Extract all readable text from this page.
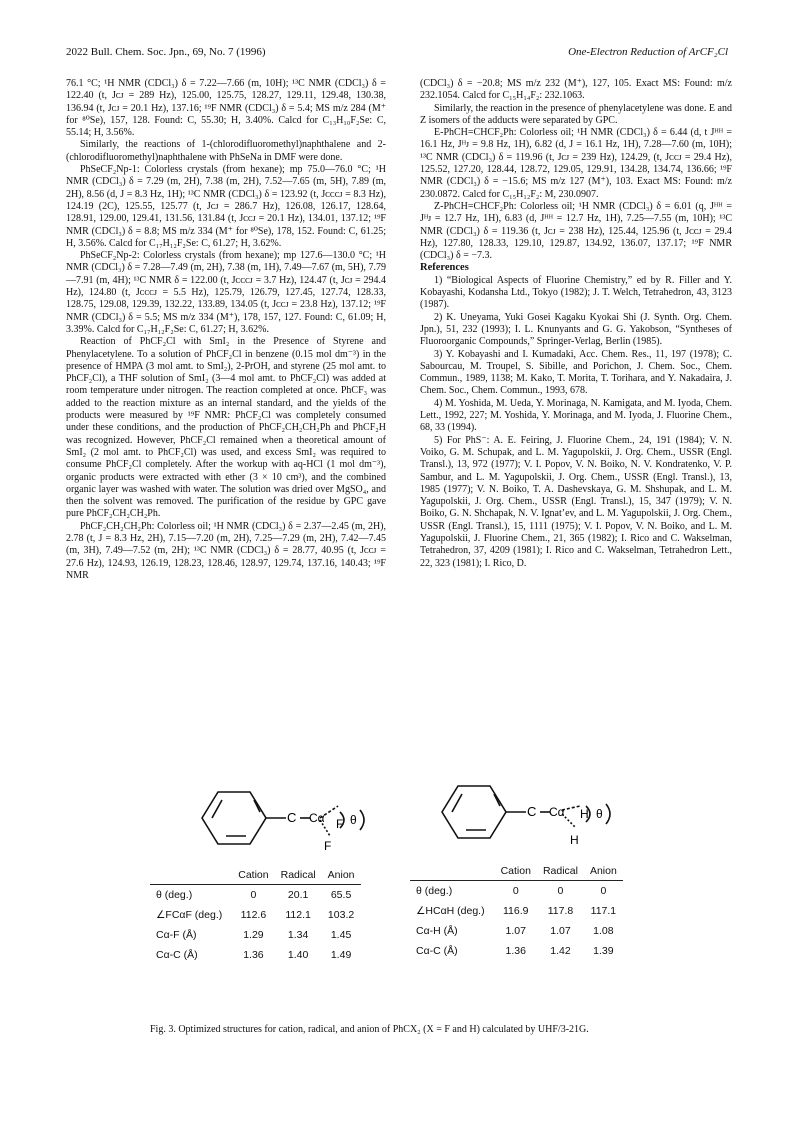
2022 Bull. Chem. Soc. Jpn., 69, No. 7 (1996)	One-Electron Reduction of ArCF₂Cl

76.1 °C; ¹H NMR (CDCl₃) δ = 7.22—7.66 (m, 10H); ¹³C NMR (CDCl₃) δ = 122.40 (t, Jᴄᴊ = 289 Hz), 125.00, 125.75, 128.27, 129.11, 129.48, 130.38, 136.94 (t, Jᴄᴊ = 20.1 Hz), 137.16; ¹⁹F NMR (CDCl₃) δ = 5.4; MS m/z 284 (M⁺ for ⁸⁰Se), 157, 128. Found: C, 55.30; H, 3.40%. Calcd for C₁₃H₁₀F₂Se: C, 55.14; H, 3.56%.

Similarly, the reactions of 1-(chlorodifluoromethyl)naphthalene and 2-(chlorodifluoromethyl)naphthalene with PhSeNa in DMF were done.

PhSeCF₂Np-1: Colorless crystals (from hexane); mp 75.0—76.0 °C; ¹H NMR (CDCl₃) δ = 7.29 (m, 2H), 7.38 (m, 2H), 7.52—7.65 (m, 5H), 7.89 (m, 2H), 8.56 (d, J = 8.3 Hz, 1H); ¹³C NMR (CDCl₃) δ = 123.92 (t, Jᴄᴄᴄᴊ = 8.3 Hz), 124.19 (2C), 125.55, 125.77 (t, Jᴄᴊ = 286.7 Hz), 126.08, 126.17, 128.64, 128.91, 129.00, 129.41, 131.56, 131.84 (t, Jᴄᴄᴊ = 20.1 Hz), 134.01, 137.12; ¹⁹F NMR (CDCl₃) δ = 8.8; MS m/z 334 (M⁺ for ⁸⁰Se), 178, 152. Found: C, 61.25; H, 3.56%. Calcd for C₁₇H₁₂F₂Se: C, 61.27; H, 3.62%.

PhSeCF₂Np-2: Colorless crystals (from hexane); mp 127.6—130.0 °C; ¹H NMR (CDCl₃) δ = 7.28—7.49 (m, 2H), 7.38 (m, 1H), 7.49—7.67 (m, 5H), 7.79—7.91 (m, 4H); ¹³C NMR δ = 122.00 (t, Jᴄᴄᴄᴊ = 3.7 Hz), 124.47 (t, Jᴄᴊ = 294.4 Hz), 124.80 (t, Jᴄᴄᴄᴊ = 5.5 Hz), 125.79, 126.79, 127.45, 127.74, 128.33, 128.75, 129.08, 129.39, 132.22, 133.89, 134.05 (t, Jᴄᴄᴊ = 23.8 Hz), 137.12; ¹⁹F NMR (CDCl₃) δ = 5.5; MS m/z 334 (M⁺), 178, 157, 127. Found: C, 61.09; H, 3.39%. Calcd for C₁₇H₁₂F₂Se: C, 61.27; H, 3.62%.

Reaction of PhCF₂Cl with SmI₂ in the Presence of Styrene and Phenylacetylene. To a solution of PhCF₂Cl in benzene (0.15 mol dm⁻³) in the presence of HMPA (3 mol amt. to SmI₂), 2-PrOH, and styrene (25 mol amt. to PhCF₂Cl), a THF solution of SmI₂ (3—4 mol amt. to PhCF₂Cl) was added at room temperature under nitrogen. The reaction completed at once. PhCF₃ was added to the reaction mixture as an internal standard, and the yields of the products were measured by ¹⁹F NMR: PhCF₂Cl was completely consumed under these conditions, and the production of PhCF₂CH₂CH₂Ph and PhCF₂H was recognized. However, PhCF₂Cl remained when a theoretical amount of SmI₂ (2 mol amt. to PhCF₂Cl) was used, and excess SmI₂ was required to consume PhCF₂Cl completely. After the workup with aq-HCl (1 mol dm⁻³), organic products were extracted with ether (3 × 10 cm³), and the combined organic layer was washed with water. The solution was dried over MgSO₄, and then the solvent was removed. The purification of the residue by GPC gave pure PhCF₂CH₂CH₂Ph.

PhCF₂CH₂CH₂Ph: Colorless oil; ¹H NMR (CDCl₃) δ = 2.37—2.45 (m, 2H), 2.78 (t, J = 8.3 Hz, 2H), 7.15—7.20 (m, 2H), 7.25—7.29 (m, 2H), 7.42—7.45 (m, 3H), 7.49—7.52 (m, 2H); ¹³C NMR (CDCl₃) δ = 28.77, 40.95 (t, Jᴄᴄᴊ = 27.6 Hz), 124.93, 126.19, 128.23, 128.46, 128.97, 129.74, 137.16, 140.43; ¹⁹F NMR

(CDCl₃) δ = −20.8; MS m/z 232 (M⁺), 127, 105. Exact MS: Found: m/z 232.1054. Calcd for C₁₅H₁₄F₂: 232.1063.

Similarly, the reaction in the presence of phenylacetylene was done. E and Z isomers of the adducts were separated by GPC.

E-PhCH=CHCF₂Ph: Colorless oil; ¹H NMR (CDCl₃) δ = 6.44 (d, t Jᴴᴴ = 16.1 Hz, Jᴴᴊ = 9.8 Hz, 1H), 6.82 (d, J = 16.1 Hz, 1H), 7.28—7.60 (m, 10H); ¹³C NMR (CDCl₃) δ = 119.96 (t, Jᴄᴊ = 239 Hz), 124.29, (t, Jᴄᴄᴊ = 29.4 Hz), 125.52, 127.20, 128.44, 128.72, 129.05, 129.91, 134.28, 134.74, 136.66; ¹⁹F NMR (CDCl₃) δ = −15.6; MS m/z 127 (M⁺), 103. Exact MS: Found: m/z 230.0872. Calcd for C₁₅H₁₂F₂: M, 230.0907.

Z-PhCH=CHCF₂Ph: Colorless oil; ¹H NMR (CDCl₃) δ = 6.01 (q, Jᴴᴴ = Jᴴᴊ = 12.7 Hz, 1H), 6.83 (d, Jᴴᴴ = 12.7 Hz, 1H), 7.25—7.55 (m, 10H); ¹³C NMR (CDCl₃) δ = 119.36 (t, Jᴄᴊ = 238 Hz), 125.44, 125.96 (t, Jᴄᴄᴊ = 29.4 Hz), 127.80, 128.33, 129.10, 129.87, 134.92, 136.07, 137.17; ¹⁹F NMR (CDCl₃) δ = −7.3.

References

1) “Biological Aspects of Fluorine Chemistry,” ed by R. Filler and Y. Kobayashi, Kodansha Ltd., Tokyo (1982); J. T. Welch, Tetrahedron, 43, 3123 (1987).

2) K. Uneyama, Yuki Gosei Kagaku Kyokai Shi (J. Synth. Org. Chem. Jpn.), 51, 232 (1993); I. L. Knunyants and G. G. Yakobson, “Syntheses of Fluoroorganic Compounds,” Springer-Verlag, Berlin (1985).

3) Y. Kobayashi and I. Kumadaki, Acc. Chem. Res., 11, 197 (1978); C. Sabourcau, M. Troupel, S. Sibille, and Porichon, J. Chem. Soc., Chem. Commun., 1989, 1138; M. Kako, T. Morita, T. Torihara, and Y. Nakadaira, J. Chem. Soc., Chem. Commun., 1993, 678.

4) M. Yoshida, M. Ueda, Y. Morinaga, N. Kamigata, and M. Iyoda, Chem. Lett., 1992, 227; M. Yoshida, Y. Morinaga, and M. Iyoda, J. Fluorine Chem., 68, 33 (1994).

5) For PhS⁻: A. E. Feiring, J. Fluorine Chem., 24, 191 (1984); V. N. Voiko, G. M. Schupak, and L. M. Yagupolskii, J. Org. Chem., USSR (Engl. Transl.), 13, 972 (1977); V. I. Popov, V. N. Boiko, N. V. Kondratenko, V. P. Sambur, and L. M. Yagupolskii, J. Org. Chem., USSR (Engl. Transl.), 13, 1985 (1977); V. N. Boiko, T. A. Dashevskaya, G. M. Shshupak, and L. M. Yagupolskii, J. Org. Chem., USSR (Engl. Transl.), 15, 347 (1979); V. N. Boiko, G. N. Shchapak, N. V. Ignat’ev, and L. M. Yagupolskii, J. Org. Chem., USSR (Engl. Transl.), 15, 1111 (1975); V. I. Popov, V. N. Boiko, and L. M. Yagupolskii, J. Fluorine Chem., 21, 365 (1982); I. Rico and C. Wakselman, Tetrahedron, 37, 4209 (1981); I. Rico and C. Wakselman, Tetrahedron Lett., 22, 323 (1981); I. Rico, D.

C Cα F
F
θ
C Cα H
H
θ
	Cation	Radical	Anion
θ (deg.)	0	20.1	65.5
∠FCαF (deg.)	112.6	112.1	103.2
Cα-F (Å)	1.29	1.34	1.45
Cα-C (Å)	1.36	1.40	1.49
	Cation	Radical	Anion
θ (deg.)	0	0	0
∠HCαH (deg.)	116.9	117.8	117.1
Cα-H (Å)	1.07	1.07	1.08
Cα-C (Å)	1.36	1.42	1.39
Fig. 3. Optimized structures for cation, radical, and anion of PhCX₂ (X = F and H) calculated by UHF/3-21G.
